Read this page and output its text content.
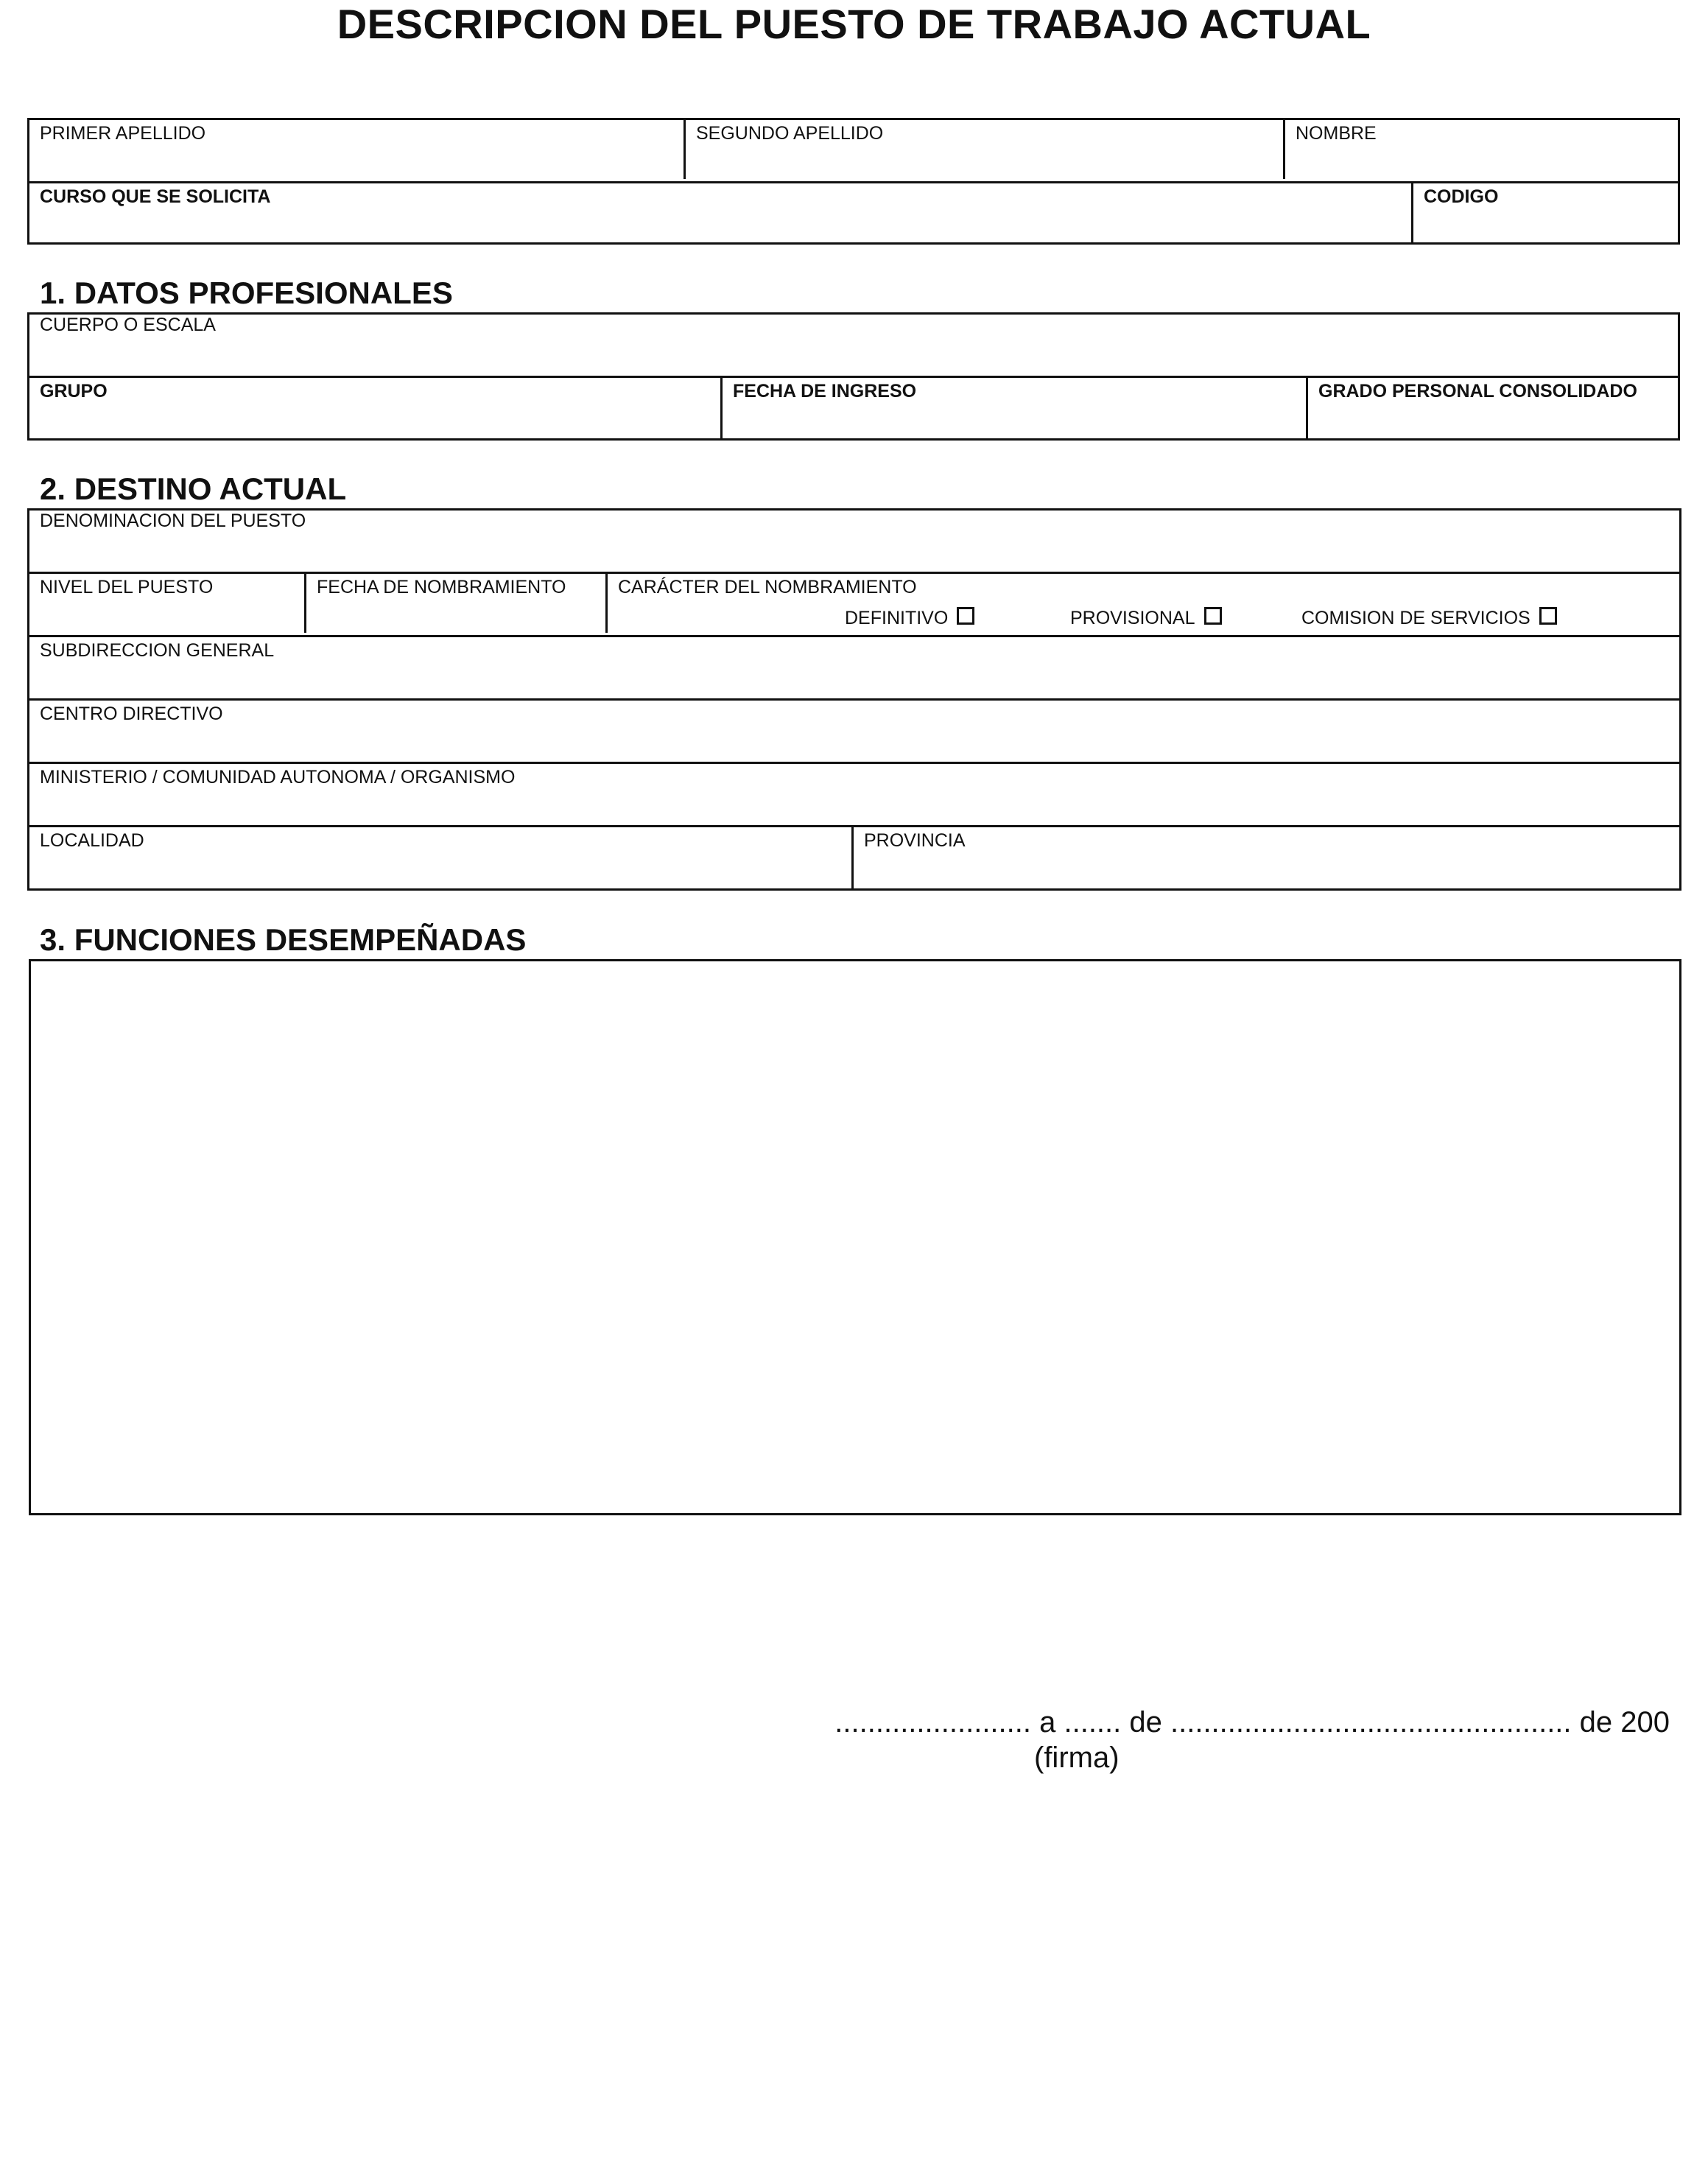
DESCRIPCION DEL PUESTO DE TRABAJO ACTUAL
PRIMER APELLIDO	SEGUNDO APELLIDO	NOMBRE
CURSO QUE SE SOLICITA	CODIGO
1. DATOS PROFESIONALES
CUERPO O ESCALA
GRUPO	FECHA DE INGRESO	GRADO PERSONAL CONSOLIDADO
2. DESTINO ACTUAL
DENOMINACION DEL PUESTO
NIVEL DEL PUESTO	FECHA DE NOMBRAMIENTO	CARÁCTER DEL NOMBRAMIENTO
DEFINITIVO	PROVISIONAL	COMISION DE SERVICIOS
SUBDIRECCION GENERAL
CENTRO DIRECTIVO
MINISTERIO / COMUNIDAD AUTONOMA / ORGANISMO
LOCALIDAD	PROVINCIA
3. FUNCIONES DESEMPEÑADAS
........................ a ....... de ................................................. de 200
(firma)
